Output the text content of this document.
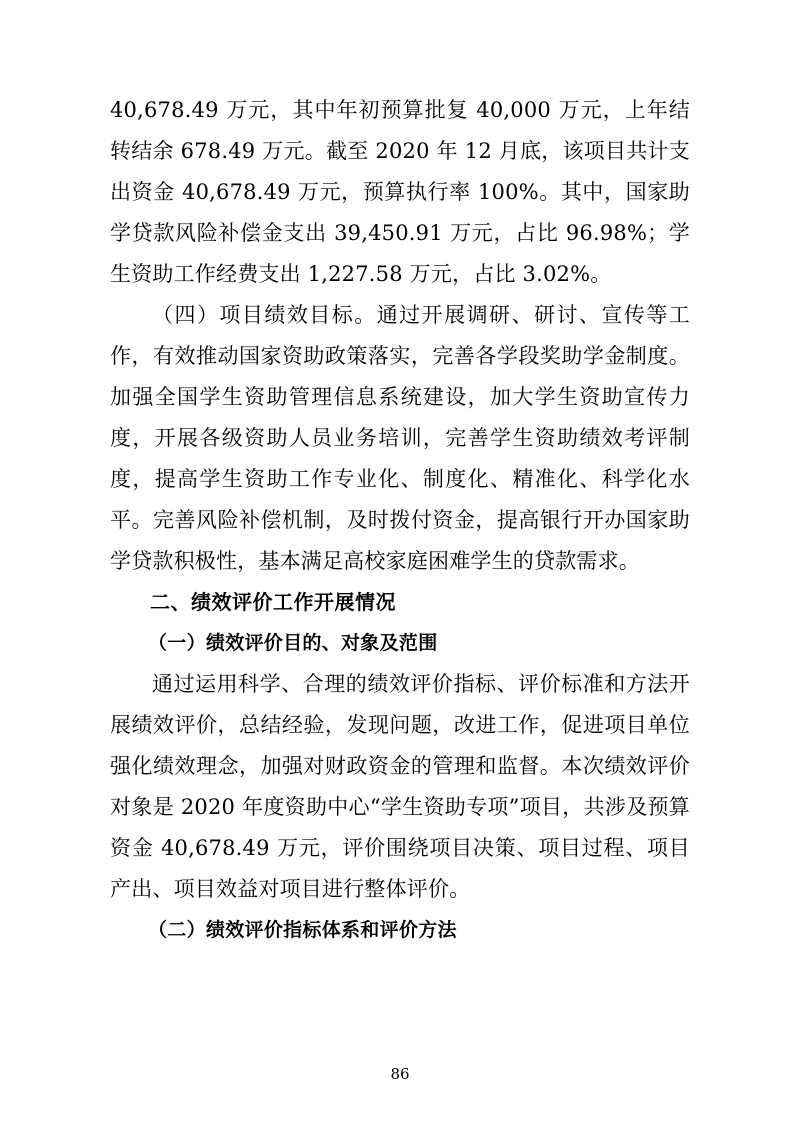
40,678.49 万元，其中年初预算批复 40,000 万元，上年结转结余 678.49 万元。截至 2020 年 12 月底，该项目共计支出资金 40,678.49 万元，预算执行率 100%。其中，国家助学贷款风险补偿金支出 39,450.91 万元，占比 96.98%；学生资助工作经费支出 1,227.58 万元，占比 3.02%。

（四）项目绩效目标。通过开展调研、研讨、宣传等工作，有效推动国家资助政策落实，完善各学段奖助学金制度。加强全国学生资助管理信息系统建设，加大学生资助宣传力度，开展各级资助人员业务培训，完善学生资助绩效考评制度，提高学生资助工作专业化、制度化、精准化、科学化水平。完善风险补偿机制，及时拨付资金，提高银行开办国家助学贷款积极性，基本满足高校家庭困难学生的贷款需求。

二、绩效评价工作开展情况

（一）绩效评价目的、对象及范围

通过运用科学、合理的绩效评价指标、评价标准和方法开展绩效评价，总结经验，发现问题，改进工作，促进项目单位强化绩效理念，加强对财政资金的管理和监督。本次绩效评价对象是 2020 年度资助中心“学生资助专项”项目，共涉及预算资金 40,678.49 万元，评价围绕项目决策、项目过程、项目产出、项目效益对项目进行整体评价。

（二）绩效评价指标体系和评价方法

86
